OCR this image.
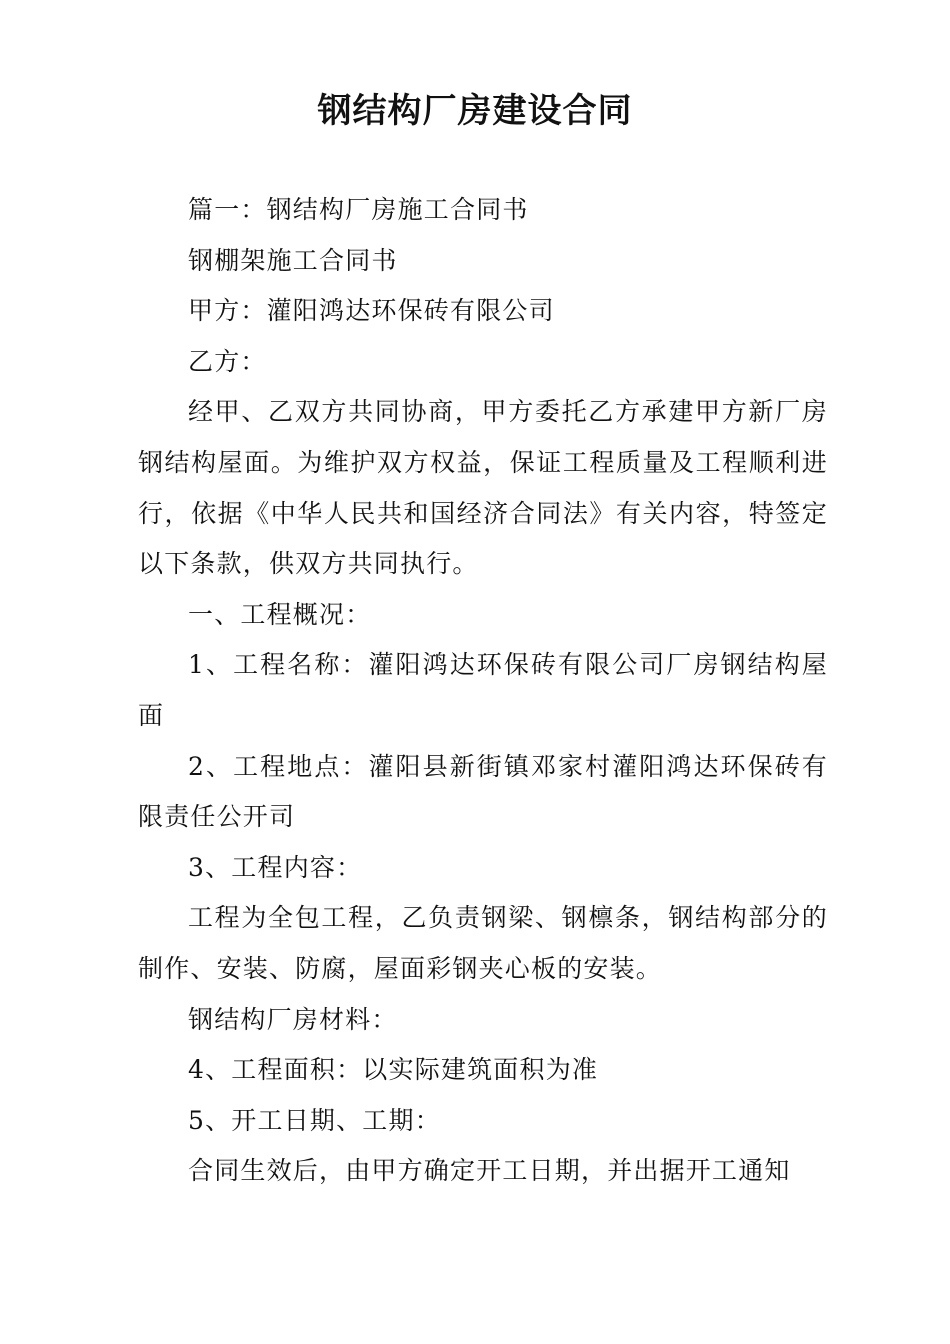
钢结构厂房建设合同

篇一：钢结构厂房施工合同书

钢棚架施工合同书

甲方：灌阳鸿达环保砖有限公司

乙方：

经甲、乙双方共同协商，甲方委托乙方承建甲方新厂房钢结构屋面。为维护双方权益，保证工程质量及工程顺利进行，依据《中华人民共和国经济合同法》有关内容，特签定以下条款，供双方共同执行。

一、工程概况：

1、工程名称：灌阳鸿达环保砖有限公司厂房钢结构屋面

2、工程地点：灌阳县新街镇邓家村灌阳鸿达环保砖有限责任公开司

3、工程内容：

工程为全包工程，乙负责钢梁、钢檩条，钢结构部分的制作、安装、防腐，屋面彩钢夹心板的安装。

钢结构厂房材料：

4、工程面积：以实际建筑面积为准

5、开工日期、工期：

合同生效后，由甲方确定开工日期，并出据开工通知
